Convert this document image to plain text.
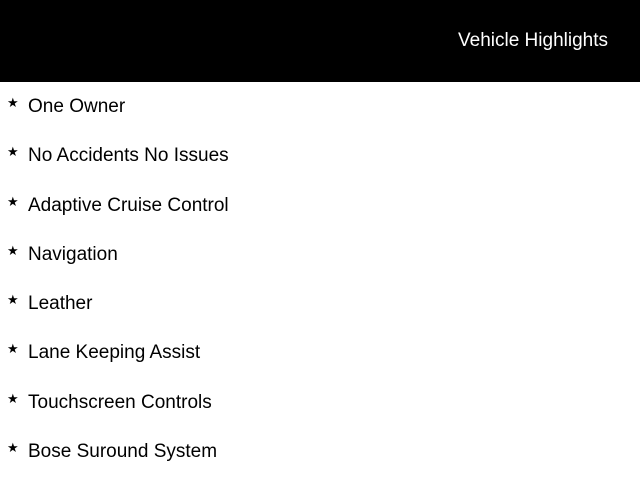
Vehicle Highlights
★ One Owner
★ No Accidents No Issues
★ Adaptive Cruise Control
★ Navigation
★ Leather
★ Lane Keeping Assist
★ Touchscreen Controls
★ Bose Suround System
